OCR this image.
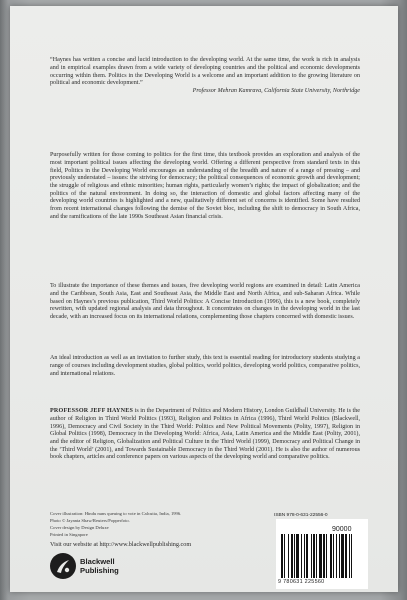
“Haynes has written a concise and lucid introduction to the developing world. At the same time, the work is rich in analysis and in empirical examples drawn from a wide variety of developing countries and the political and economic developments occurring within them. Politics in the Developing World is a welcome and an important addition to the growing literature on political and economic development.”
Professor Mehran Kamrava, California State University, Northridge

Purposefully written for those coming to politics for the first time, this textbook provides an exploration and analysis of the most important political issues affecting the developing world. Offering a different perspective from standard texts in this field, Politics in the Developing World encourages an understanding of the breadth and nature of a range of pressing – and previously understated – issues: the striving for democracy; the political consequences of economic growth and development; the struggle of religious and ethnic minorities; human rights, particularly women’s rights; the impact of globalization; and the politics of the natural environment. In doing so, the interaction of domestic and global factors affecting many of the developing world countries is highlighted and a new, qualitatively different set of concerns is identified. Some have resulted from recent international changes following the demise of the Soviet bloc, including the shift to democracy in South Africa, and the ramifications of the late 1990s Southeast Asian financial crisis.

To illustrate the importance of these themes and issues, five developing world regions are examined in detail: Latin America and the Caribbean, South Asia, East and Southeast Asia, the Middle East and North Africa, and sub-Saharan Africa. While based on Haynes’s previous publication, Third World Politics: A Concise Introduction (1996), this is a new book, completely rewritten, with updated regional analysis and data throughout. It concentrates on changes in the developing world in the last decade, with an increased focus on its international relations, complementing those chapters concerned with domestic issues.

An ideal introduction as well as an invitation to further study, this text is essential reading for introductory students studying a range of courses including development studies, global politics, world politics, developing world politics, comparative politics, and international relations.

PROFESSOR JEFF HAYNES is in the Department of Politics and Modern History, London Guildhall University. He is the author of Religion in Third World Politics (1993), Religion and Politics in Africa (1996), Third World Politics (Blackwell, 1996), Democracy and Civil Society in the Third World: Politics and New Political Movements (Polity, 1997), Religion in Global Politics (1998), Democracy in the Developing World: Africa, Asia, Latin America and the Middle East (Polity, 2001), and the editor of Religion, Globalization and Political Culture in the Third World (1999), Democracy and Political Change in the ‘Third World’ (2001), and Towards Sustainable Democracy in the Third World (2001). He is also the author of numerous book chapters, articles and conference papers on various aspects of the developing world and comparative politics.

Cover illustration: Hindu nuns queuing to vote in Calcutta, India, 1996.
Photo © Jayanta Shaw/Reuters/Popperfoto.
Cover design by Design Deluxe
Printed in Singapore
Visit our website at http://www.blackwellpublishing.com
Blackwell
Publishing
ISBN 978-0-631-22556-0
90000
9 780631 225560
